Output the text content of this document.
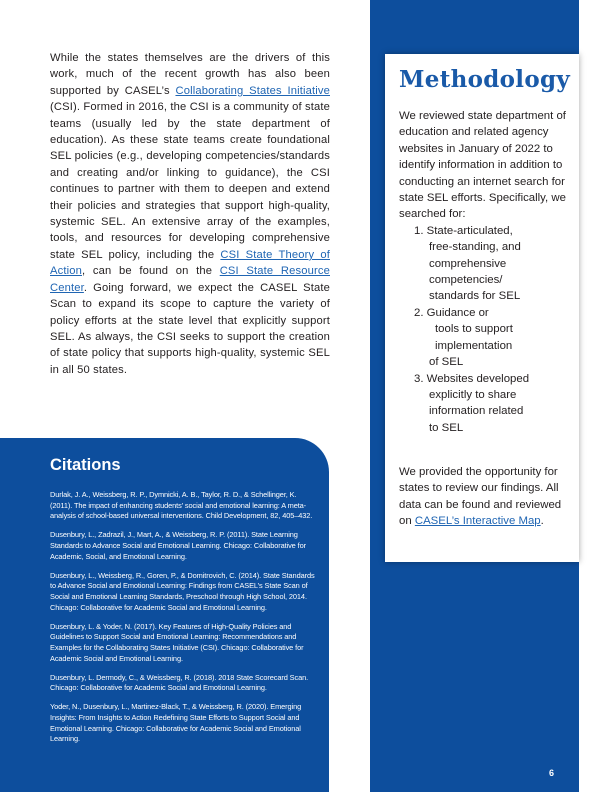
While the states themselves are the drivers of this work, much of the recent growth has also been supported by CASEL’s Collaborating States Initiative (CSI). Formed in 2016, the CSI is a community of state teams (usually led by the state department of education). As these state teams create foundational SEL policies (e.g., developing competencies/standards and creating and/or linking to guidance), the CSI continues to partner with them to deepen and extend their policies and strategies that support high-quality, systemic SEL. An extensive array of the examples, tools, and resources for developing comprehensive state SEL policy, including the CSI State Theory of Action, can be found on the CSI State Resource Center. Going forward, we expect the CASEL State Scan to expand its scope to capture the variety of policy efforts at the state level that explicitly support SEL. As always, the CSI seeks to support the creation of state policy that supports high-quality, systemic SEL in all 50 states.

Methodology
We reviewed state department of education and related agency websites in January of 2022 to identify information in addition to conducting an internet search for state SEL efforts. Specifically, we searched for:
1. State-articulated,
free-standing, and
comprehensive
competencies/
standards for SEL
2. Guidance or
tools to support
implementation
of SEL
3. Websites developed
explicitly to share
information related
to SEL

We provided the opportunity for states to review our findings. All data can be found and reviewed on CASEL’s Interactive Map.

Citations
Durlak, J. A., Weissberg, R. P., Dymnicki, A. B., Taylor, R. D., & Schellinger, K. (2011). The impact of enhancing students’ social and emotional learning: A meta-analysis of school-based universal interventions. Child Development, 82, 405–432.
Dusenbury, L., Zadrazil, J., Mart, A., & Weissberg, R. P. (2011). State Learning Standards to Advance Social and Emotional Learning. Chicago: Collaborative for Academic, Social, and Emotional Learning.
Dusenbury, L., Weissberg, R., Goren, P., & Domitrovich, C. (2014). State Standards to Advance Social and Emotional Learning: Findings from CASEL’s State Scan of Social and Emotional Learning Standards, Preschool through High School, 2014. Chicago: Collaborative for Academic Social and Emotional Learning.
Dusenbury, L. & Yoder, N. (2017). Key Features of High-Quality Policies and Guidelines to Support Social and Emotional Learning: Recommendations and Examples for the Collaborating States Initiative (CSI). Chicago: Collaborative for Academic Social and Emotional Learning.
Dusenbury, L. Dermody, C., & Weissberg, R. (2018). 2018 State Scorecard Scan. Chicago: Collaborative for Academic Social and Emotional Learning.
Yoder, N., Dusenbury, L., Martinez-Black, T., & Weissberg, R. (2020). Emerging Insights: From Insights to Action Redefining State Efforts to Support Social and Emotional Learning. Chicago: Collaborative for Academic Social and Emotional Learning.
6
